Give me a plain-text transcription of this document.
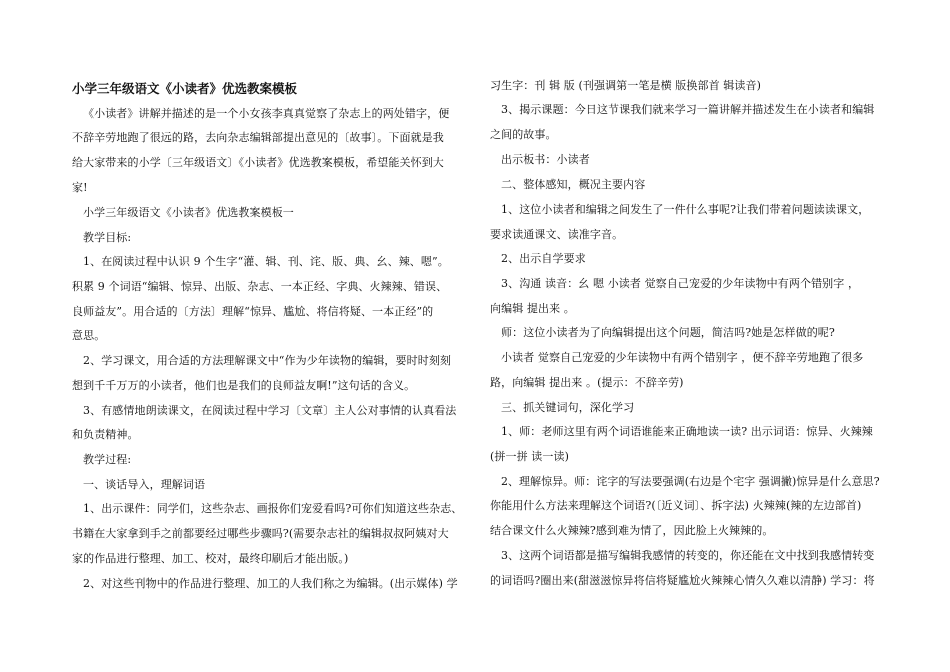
小学三年级语文《小读者》优选教案模板
《小读者》讲解并描述的是一个小女孩李真真觉察了杂志上的两处错字，便
不辞辛劳地跑了很远的路，去向杂志编辑部提出意见的〔故事〕。下面就是我
给大家带来的小学〔三年级语文〕《小读者》优选教案模板，希望能关怀到大
家!
小学三年级语文《小读者》优选教案模板一
教学目标:
1、在阅读过程中认识 9 个生字“灌、辑、刊、诧、版、典、幺、辣、嗯”。
积累 9 个词语“编辑、惊异、出版、杂志、一本正经、字典、火辣辣、错误、
良师益友”。用合适的〔方法〕理解“惊异、尴尬、将信将疑、一本正经”的
意思。
2、学习课文，用合适的方法理解课文中“作为少年读物的编辑，要时时刻刻
想到千千万万的小读者，他们也是我们的良师益友啊!”这句话的含义。
3、有感情地朗读课文，在阅读过程中学习〔文章〕主人公对事情的认真看法
和负责精神。
教学过程:
一、谈话导入，理解词语
1、出示课件：同学们，这些杂志、画报你们宠爱看吗?可你们知道这些杂志、
书籍在大家拿到手之前都要经过哪些步骤吗?(需要杂志社的编辑叔叔阿姨对大
家的作品进行整理、加工、校对，最终印刷后才能出版。)
2、对这些刊物中的作品进行整理、加工的人我们称之为编辑。(出示媒体) 学
习生字：刊 辑 版 (刊强调第一笔是横 版换部首 辑读音)
3、揭示课题：今日这节课我们就来学习一篇讲解并描述发生在小读者和编辑
之间的故事。
出示板书：小读者
二、整体感知，概况主要内容
1、这位小读者和编辑之间发生了一件什么事呢?让我们带着问题读读课文，
要求读通课文、读准字音。
2、出示自学要求
3、沟通 读音：幺 嗯 小读者 觉察自己宠爱的少年读物中有两个错别字 ，
向编辑 提出来 。
师：这位小读者为了向编辑提出这个问题，简洁吗?她是怎样做的呢?
小读者 觉察自己宠爱的少年读物中有两个错别字 ，便不辞辛劳地跑了很多
路，向编辑 提出来 。(提示：不辞辛劳)
三、抓关键词句，深化学习
1、师：老师这里有两个词语谁能来正确地读一读? 出示词语：惊异、火辣辣
(拼一拼 读一读)
2、理解惊异。师：诧字的写法要强调(右边是个宅字 强调撇)惊异是什么意思?
你能用什么方法来理解这个词语?(〔近义词〕、拆字法) 火辣辣(辣的左边部首)
结合课文什么火辣辣?感到难为情了，因此脸上火辣辣的。
3、这两个词语都是描写编辑我感情的转变的，你还能在文中找到我感情转变
的词语吗?圈出来(甜滋滋惊异将信将疑尴尬火辣辣心情久久难以清静) 学习：将
